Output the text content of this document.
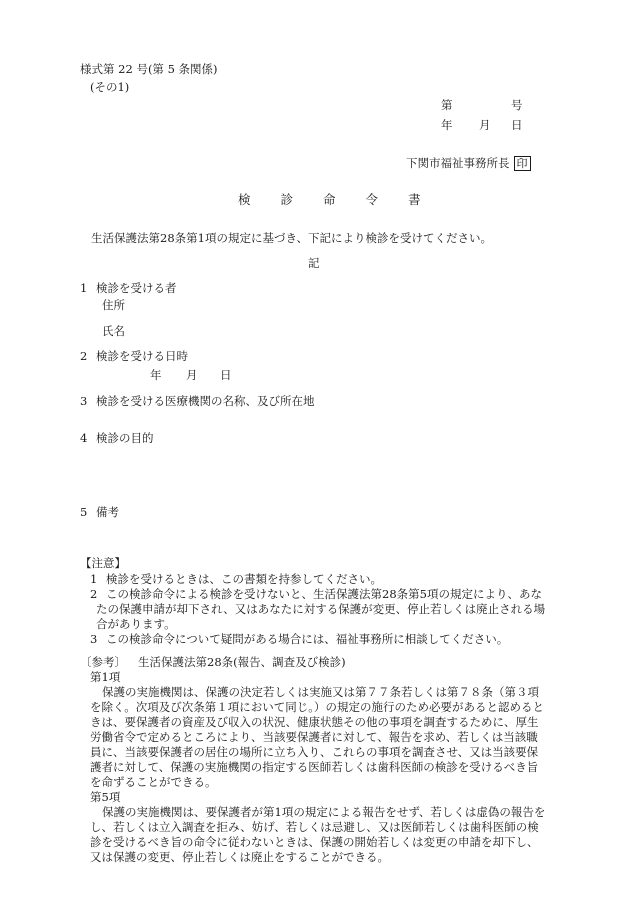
様式第 22 号(第 5 条関係)
(その1)
第	号
年 月 日
下関市福祉事務所長 印
検 診 命 令 書
生活保護法第28条第1項の規定に基づき、下記により検診を受けてください。
記
1 検診を受ける者
住所
氏名
2 検診を受ける日時
年 月 日
3 検診を受ける医療機関の名称、及び所在地
4 検診の目的
5 備考
【注意】
1 検診を受けるときは、この書類を持参してください。
2 この検診命令による検診を受けないと、生活保護法第28条第5項の規定により、あな
たの保護申請が却下され、又はあなたに対する保護が変更、停止若しくは廃止される場
合があります。
3 この検診命令について疑問がある場合には、福祉事務所に相談してください。
〔参考〕 生活保護法第28条(報告、調査及び検診)
第1項
保護の実施機関は、保護の決定若しくは実施又は第７７条若しくは第７８条（第３項
を除く。次項及び次条第１項において同じ。）の規定の施行のため必要があると認めると
きは、要保護者の資産及び収入の状況、健康状態その他の事項を調査するために、厚生
労働省令で定めるところにより、当該要保護者に対して、報告を求め、若しくは当該職
員に、当該要保護者の居住の場所に立ち入り、これらの事項を調査させ、又は当該要保
護者に対して、保護の実施機関の指定する医師若しくは歯科医師の検診を受けるべき旨
を命ずることができる。
第5項
保護の実施機関は、要保護者が第1項の規定による報告をせず、若しくは虚偽の報告を
し、若しくは立入調査を拒み、妨げ、若しくは忌避し、又は医師若しくは歯科医師の検
診を受けるべき旨の命令に従わないときは、保護の開始若しくは変更の申請を却下し、
又は保護の変更、停止若しくは廃止をすることができる。
